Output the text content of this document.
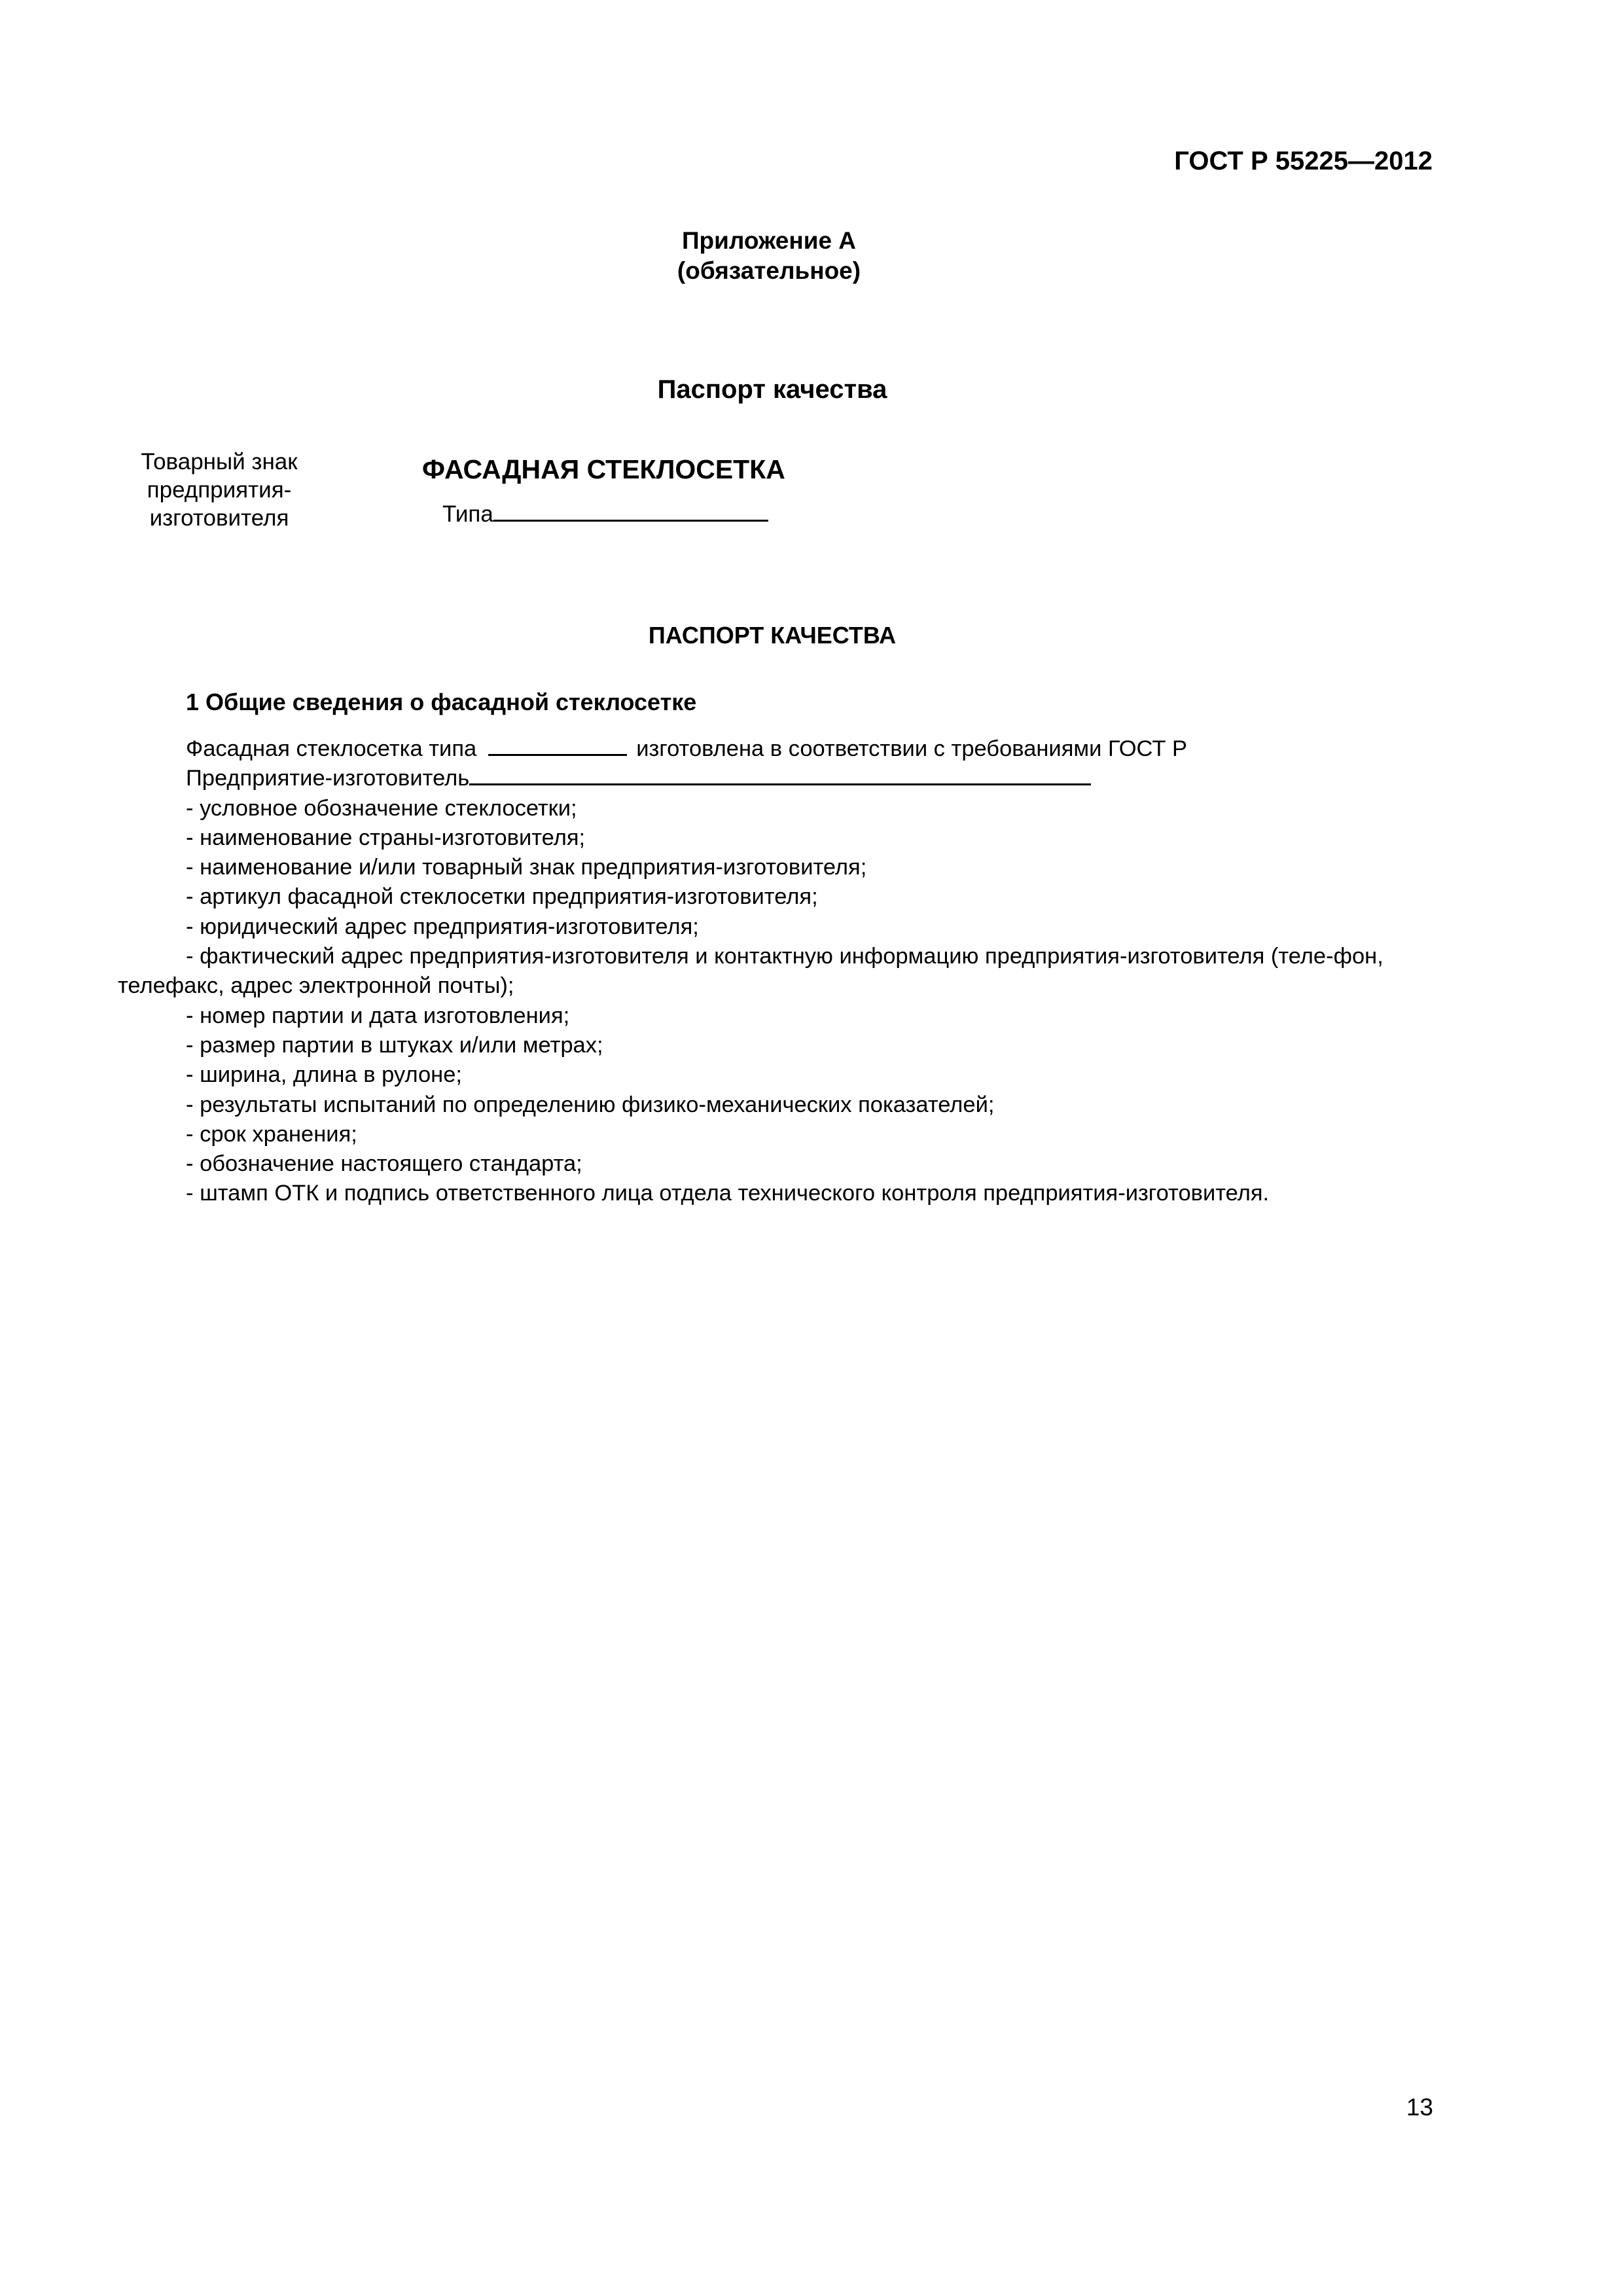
ГОСТ Р 55225—2012
Приложение А
(обязательное)
Паспорт качества
Товарный знак
предприятия-
изготовителя
ФАСАДНАЯ СТЕКЛОСЕТКА
Типа
ПАСПОРТ КАЧЕСТВА
1 Общие сведения о фасадной стеклосетке
Фасадная стеклосетка типа	изготовлена в соответствии с требованиями ГОСТ Р
Предприятие-изготовитель
- условное обозначение стеклосетки;
- наименование страны-изготовителя;
- наименование и/или товарный знак предприятия-изготовителя;
- артикул фасадной стеклосетки предприятия-изготовителя;
- юридический адрес предприятия-изготовителя;
- фактический адрес предприятия-изготовителя и контактную информацию предприятия-изготовителя (теле-фон, телефакс, адрес электронной почты);
- номер партии и дата изготовления;
- размер партии в штуках и/или метрах;
- ширина, длина в рулоне;
- результаты испытаний по определению физико-механических показателей;
- срок хранения;
- обозначение настоящего стандарта;
- штамп ОТК и подпись ответственного лица отдела технического контроля предприятия-изготовителя.
13
